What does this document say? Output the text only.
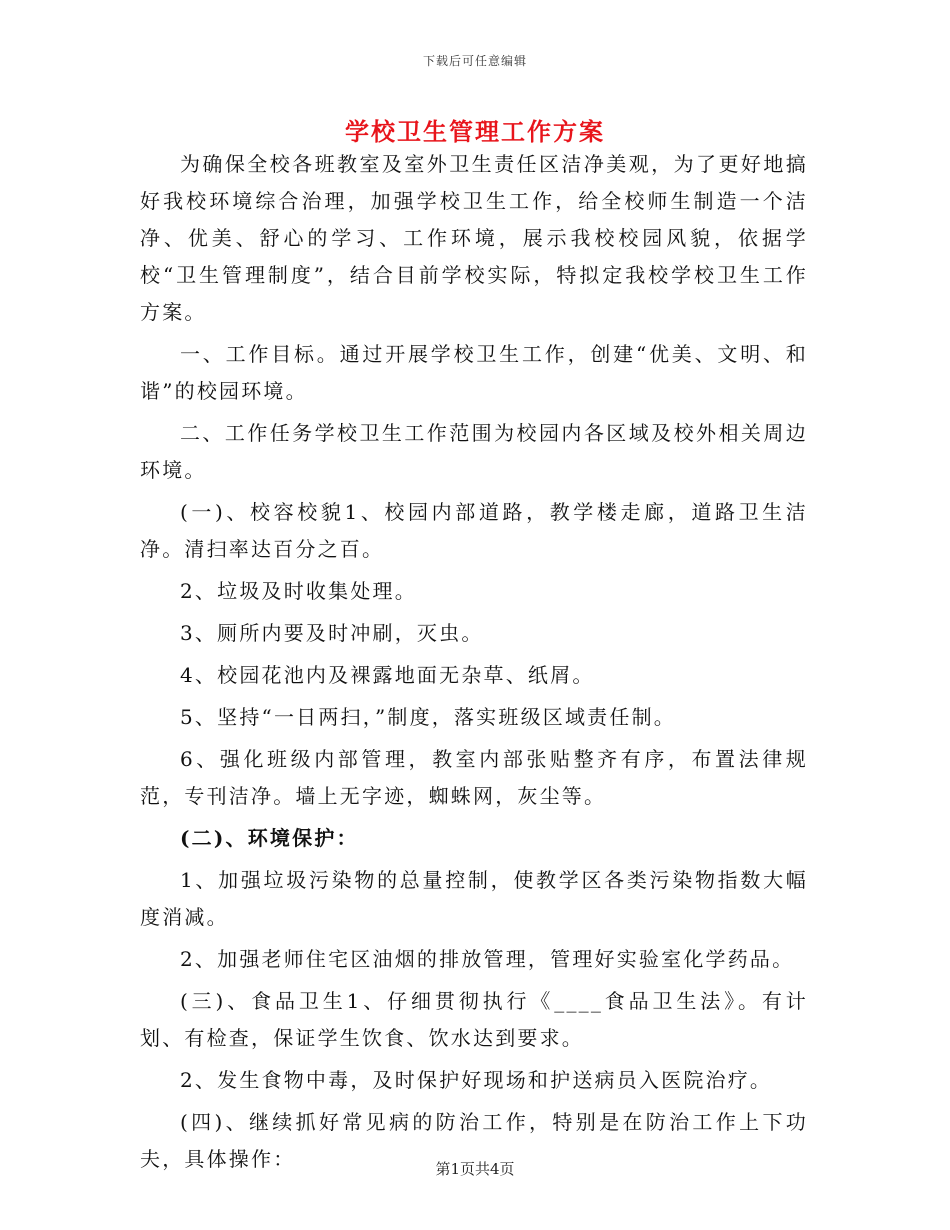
下载后可任意编辑
学校卫生管理工作方案

为确保全校各班教室及室外卫生责任区洁净美观，为了更好地搞好我校环境综合治理，加强学校卫生工作，给全校师生制造一个洁净、优美、舒心的学习、工作环境，展示我校校园风貌，依据学校“卫生管理制度”，结合目前学校实际，特拟定我校学校卫生工作方案。

一、工作目标。通过开展学校卫生工作，创建“优美、文明、和谐”的校园环境。

二、工作任务学校卫生工作范围为校园内各区域及校外相关周边环境。

(一)、校容校貌1、校园内部道路，教学楼走廊，道路卫生洁净。清扫率达百分之百。

2、垃圾及时收集处理。

3、厕所内要及时冲刷，灭虫。

4、校园花池内及裸露地面无杂草、纸屑。

5、坚持“一日两扫，”制度，落实班级区域责任制。

6、强化班级内部管理，教室内部张贴整齐有序，布置法律规范，专刊洁净。墙上无字迹，蜘蛛网，灰尘等。

(二)、环境保护：

1、加强垃圾污染物的总量控制，使教学区各类污染物指数大幅度消减。

2、加强老师住宅区油烟的排放管理，管理好实验室化学药品。

(三)、食品卫生1、仔细贯彻执行《____食品卫生法》。有计划、有检查，保证学生饮食、饮水达到要求。

2、发生食物中毒，及时保护好现场和护送病员入医院治疗。

(四)、继续抓好常见病的防治工作，特别是在防治工作上下功夫，具体操作：	第1页共4页
